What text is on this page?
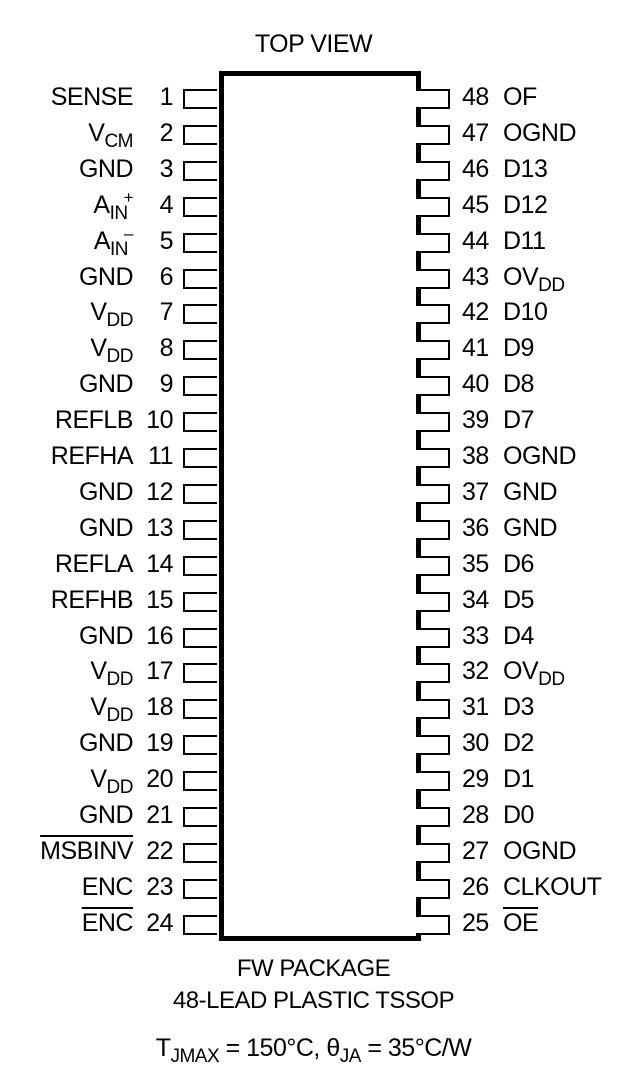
TOP VIEW
SENSE 1
$V_{CM}$ 2
GND 3
$A_{IN}^+$ 4
$A_{IN}^-$ 5
GND 6
$V_{DD}$ 7
$V_{DD}$ 8
GND 9
REFLB 10
REFHA 11
GND 12
GND 13
REFLA 14
REFHB 15
GND 16
$V_{DD}$ 17
$V_{DD}$ 18
GND 19
$V_{DD}$ 20
GND 21
MSBINV 22
ENC 23
$\overline{ENC}$ 24
OF
48
OGND
47
D13
46
D12
45
D11
44
$OV_{DD}$
43
D10
42
D9
41
D8
40
D7
39
OGND
38
GND
37
GND
36
D6
35
D5
34
D4
33
$OV_{DD}$
32
D3
31
D2
30
D1
29
D0
28
OGND
27
CLKOUT
26
$\overline{OE}$
25
FW PACKAGE
48-LEAD PLASTIC TSSOP
$T_{JMAX} = 150^\circ C$, $\theta_{JA} = 35^\circ C/W$
